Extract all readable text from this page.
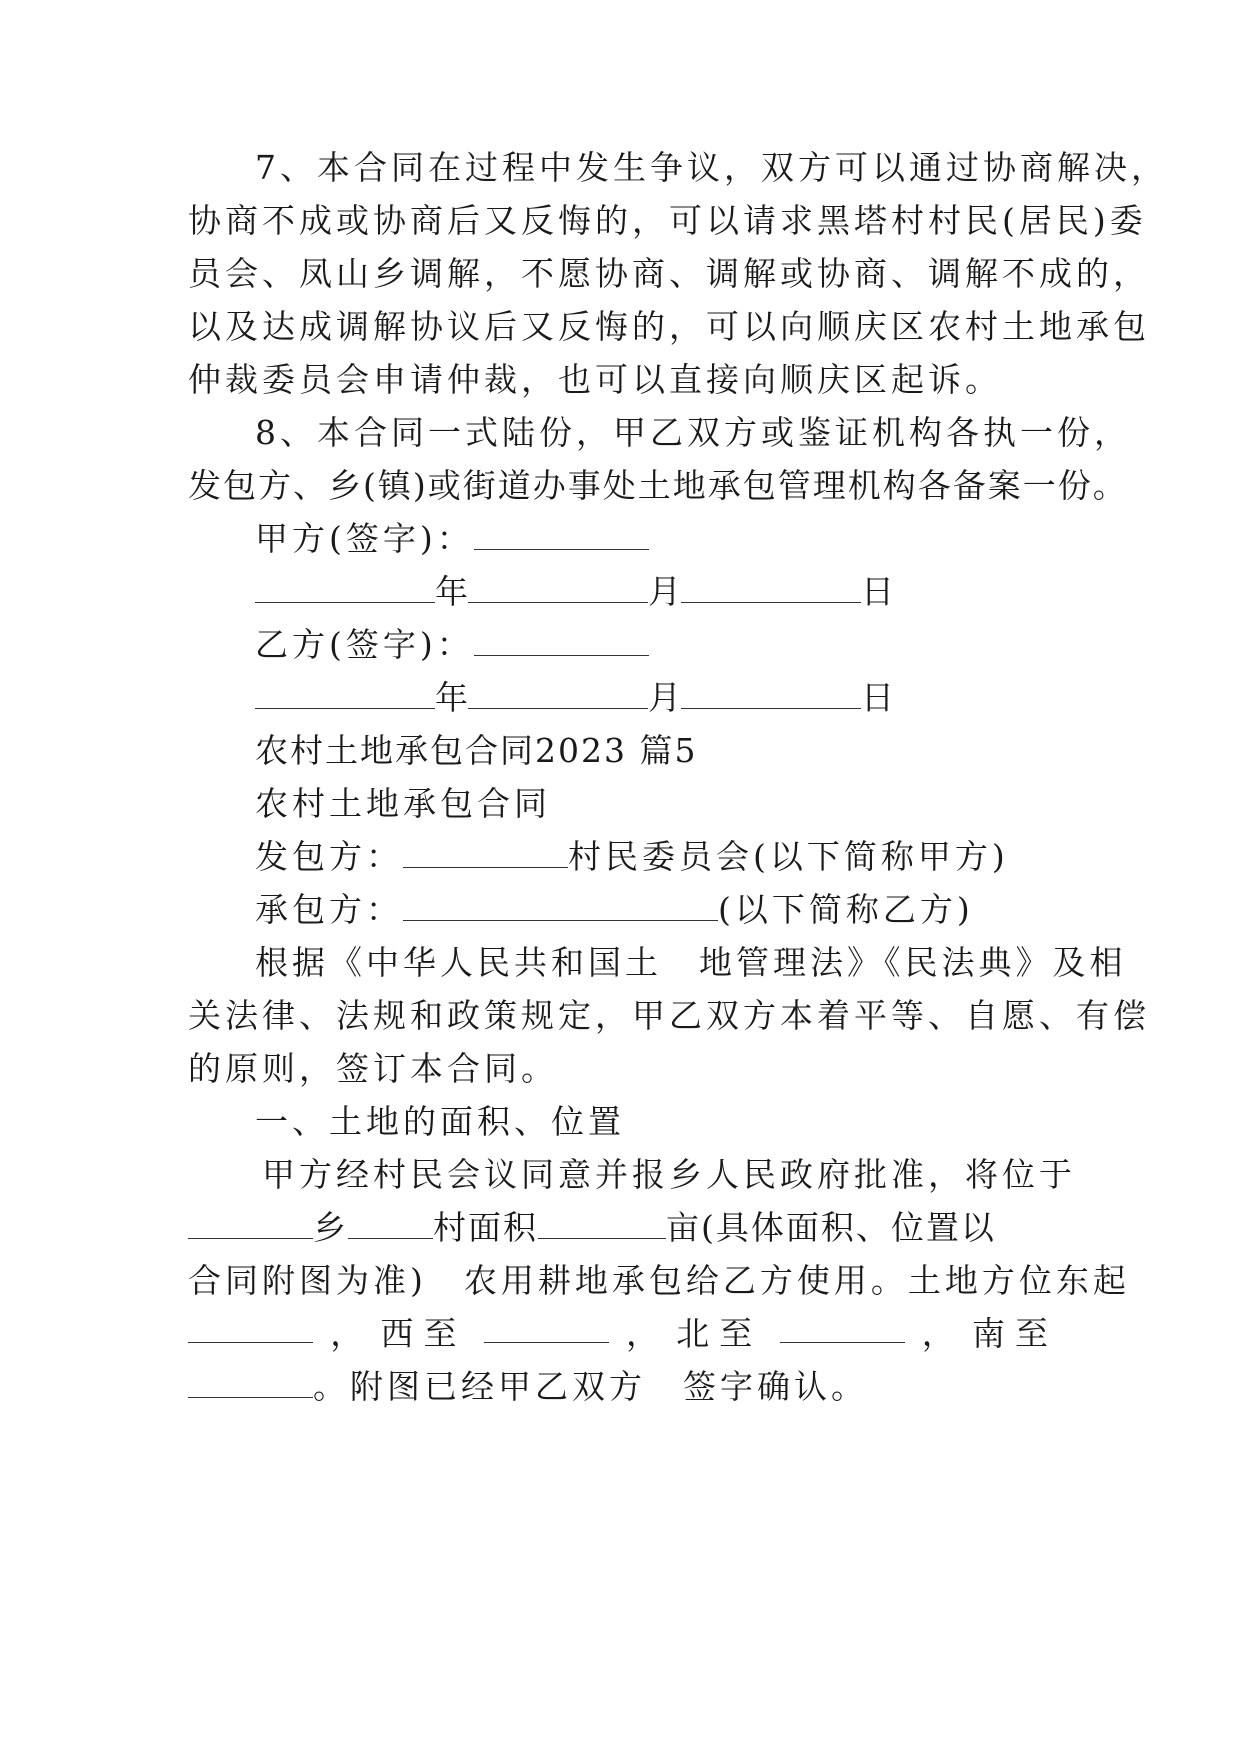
7、本合同在过程中发生争议，双方可以通过协商解决，
协商不成或协商后又反悔的，可以请求黑塔村村民(居民)委
员会、凤山乡调解，不愿协商、调解或协商、调解不成的，
以及达成调解协议后又反悔的，可以向顺庆区农村土地承包
仲裁委员会申请仲裁，也可以直接向顺庆区起诉。
8、本合同一式陆份，甲乙双方或鉴证机构各执一份，
发包方、乡(镇)或街道办事处土地承包管理机构各备案一份。
甲方(签字)：
年	月	日
乙方(签字)：
年	月	日
农村土地承包合同2023 篇5
农村土地承包合同
发包方：	村民委员会(以下简称甲方)
承包方：	(以下简称乙方)
根据《中华人民共和国土　地管理法》《民法典》及相
关法律、法规和政策规定，甲乙双方本着平等、自愿、有偿
的原则，签订本合同。
一、土地的面积、位置
甲方经村民会议同意并报乡人民政府批准，将位于
乡	村面积	亩(具体面积、位置以
合同附图为准)　农用耕地承包给乙方使用。土地方位东起
， 西至	， 北至	， 南至
。附图已经甲乙双方　签字确认。
